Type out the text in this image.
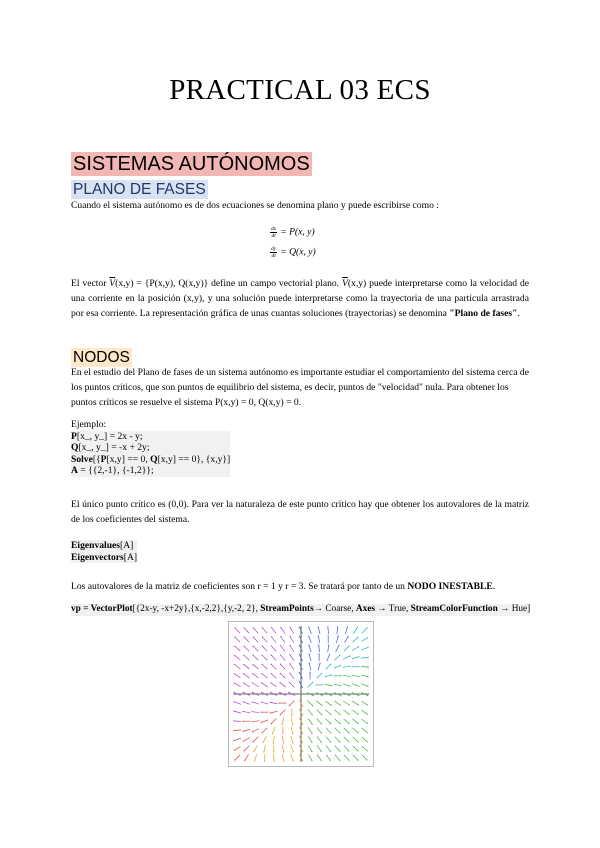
PRACTICAL 03 ECS
SISTEMAS AUTÓNOMOS
PLANO DE FASES
Cuando el sistema autónomo es de dos ecuaciones se denomina plano y puede escribirse como :
$\frac{dx}{dt} = P(x$, y)
$\frac{dy}{dt} = Q(x$, y)
El vector $\overline{V}(x,y) = \{P(x,y)$, Q(x,y)} define un campo vectorial plano. $\overline{V}(x,y)$ puede interpretarse como la velocidad de una corriente en la posición (x,y), y una solución puede interpretarse como la trayectoria de una partícula arrastrada por esa corriente. La representación gráfica de unas cuantas soluciones (trayectorias) se denomina "Plano de fases".
NODOS
En el estudio del Plano de fases de un sistema autónomo es importante estudiar el comportamiento del sistema cerca de los puntos críticos, que son puntos de equilibrio del sistema, es decir, puntos de "velocidad" nula. Para obtener los puntos críticos se resuelve el sistema P(x,y) = 0, Q(x,y) = 0.
Ejemplo:
P[x_, y_] = 2x - y;
Q[x_, y_] = -x + 2y;
Solve[{P[x,y] == 0, Q[x,y] == 0}, {x,y}]
A = {{2,-1}, {-1,2}};
El único punto crítico es (0,0). Para ver la naturaleza de este punto crítico hay que obtener los autovalores de la matriz de los coeficientes del sistema.
Eigenvalues[A]
Eigenvectors[A]
Los autovalores de la matriz de coeficientes son r = 1 y r = 3. Se tratará por tanto de un NODO INESTABLE.
vp = VectorPlot[{2x-y, -x+2y},{x,-2,2},{y,-2, 2}, StreamPoints→ Coarse, Axes → True, StreamColorFunction → Hue]
